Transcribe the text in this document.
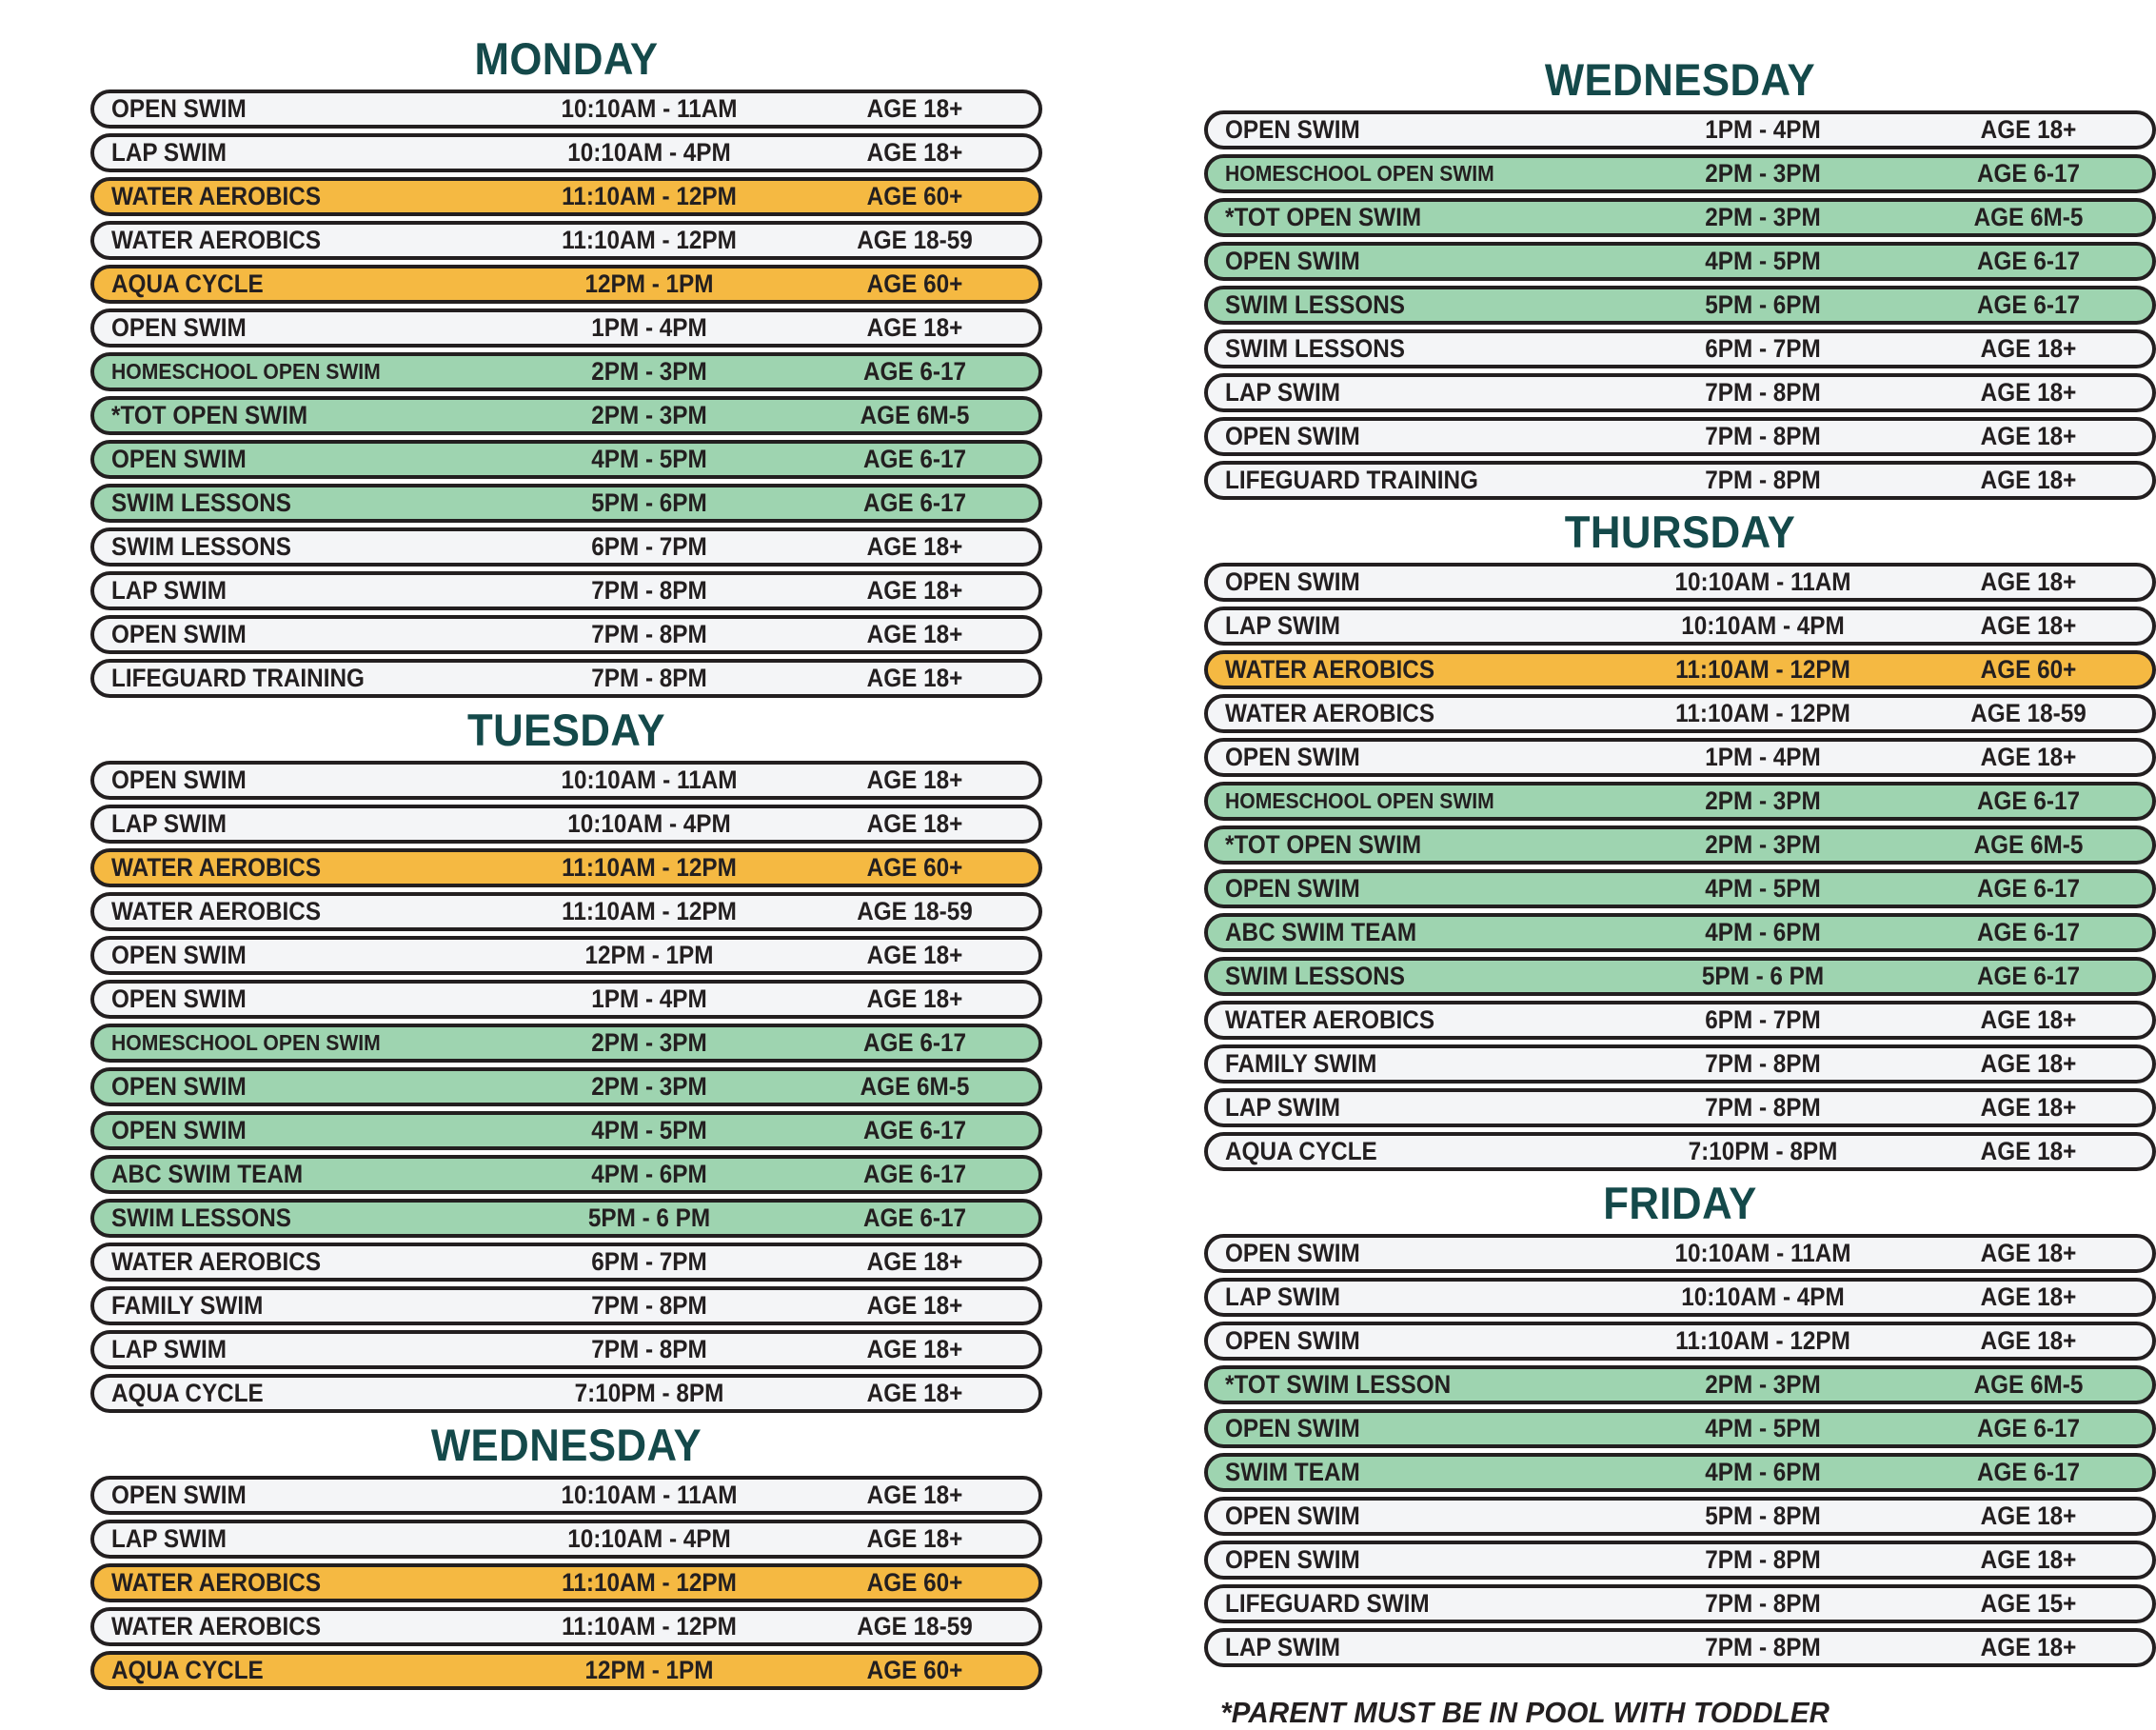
MONDAY
OPEN SWIM	10:10AM - 11AM	AGE 18+
LAP SWIM	10:10AM - 4PM	AGE 18+
WATER AEROBICS	11:10AM - 12PM	AGE 60+
WATER AEROBICS	11:10AM - 12PM	AGE 18-59
AQUA CYCLE	12PM - 1PM	AGE 60+
OPEN SWIM	1PM - 4PM	AGE 18+
HOMESCHOOL OPEN SWIM	2PM - 3PM	AGE 6-17
*TOT OPEN SWIM	2PM - 3PM	AGE 6M-5
OPEN SWIM	4PM - 5PM	AGE 6-17
SWIM LESSONS	5PM - 6PM	AGE 6-17
SWIM LESSONS	6PM - 7PM	AGE 18+
LAP SWIM	7PM - 8PM	AGE 18+
OPEN SWIM	7PM - 8PM	AGE 18+
LIFEGUARD TRAINING	7PM - 8PM	AGE 18+
TUESDAY
OPEN SWIM	10:10AM - 11AM	AGE 18+
LAP SWIM	10:10AM - 4PM	AGE 18+
WATER AEROBICS	11:10AM - 12PM	AGE 60+
WATER AEROBICS	11:10AM - 12PM	AGE 18-59
OPEN SWIM	12PM - 1PM	AGE 18+
OPEN SWIM	1PM - 4PM	AGE 18+
HOMESCHOOL OPEN SWIM	2PM - 3PM	AGE 6-17
OPEN SWIM	2PM - 3PM	AGE 6M-5
OPEN SWIM	4PM - 5PM	AGE 6-17
ABC SWIM TEAM	4PM - 6PM	AGE 6-17
SWIM LESSONS	5PM - 6 PM	AGE 6-17
WATER AEROBICS	6PM - 7PM	AGE 18+
FAMILY SWIM	7PM - 8PM	AGE 18+
LAP SWIM	7PM - 8PM	AGE 18+
AQUA CYCLE	7:10PM - 8PM	AGE 18+
WEDNESDAY
OPEN SWIM	10:10AM - 11AM	AGE 18+
LAP SWIM	10:10AM - 4PM	AGE 18+
WATER AEROBICS	11:10AM - 12PM	AGE 60+
WATER AEROBICS	11:10AM - 12PM	AGE 18-59
AQUA CYCLE	12PM - 1PM	AGE 60+
WEDNESDAY
OPEN SWIM	1PM - 4PM	AGE 18+
HOMESCHOOL OPEN SWIM	2PM - 3PM	AGE 6-17
*TOT OPEN SWIM	2PM - 3PM	AGE 6M-5
OPEN SWIM	4PM - 5PM	AGE 6-17
SWIM LESSONS	5PM - 6PM	AGE 6-17
SWIM LESSONS	6PM - 7PM	AGE 18+
LAP SWIM	7PM - 8PM	AGE 18+
OPEN SWIM	7PM - 8PM	AGE 18+
LIFEGUARD TRAINING	7PM - 8PM	AGE 18+
THURSDAY
OPEN SWIM	10:10AM - 11AM	AGE 18+
LAP SWIM	10:10AM - 4PM	AGE 18+
WATER AEROBICS	11:10AM - 12PM	AGE 60+
WATER AEROBICS	11:10AM - 12PM	AGE 18-59
OPEN SWIM	1PM - 4PM	AGE 18+
HOMESCHOOL OPEN SWIM	2PM - 3PM	AGE 6-17
*TOT OPEN SWIM	2PM - 3PM	AGE 6M-5
OPEN SWIM	4PM - 5PM	AGE 6-17
ABC SWIM TEAM	4PM - 6PM	AGE 6-17
SWIM LESSONS	5PM - 6 PM	AGE 6-17
WATER AEROBICS	6PM - 7PM	AGE 18+
FAMILY SWIM	7PM - 8PM	AGE 18+
LAP SWIM	7PM - 8PM	AGE 18+
AQUA CYCLE	7:10PM - 8PM	AGE 18+
FRIDAY
OPEN SWIM	10:10AM - 11AM	AGE 18+
LAP SWIM	10:10AM - 4PM	AGE 18+
OPEN SWIM	11:10AM - 12PM	AGE 18+
*TOT SWIM LESSON	2PM - 3PM	AGE 6M-5
OPEN SWIM	4PM - 5PM	AGE 6-17
SWIM TEAM	4PM - 6PM	AGE 6-17
OPEN SWIM	5PM - 8PM	AGE 18+
OPEN SWIM	7PM - 8PM	AGE 18+
LIFEGUARD SWIM	7PM - 8PM	AGE 15+
LAP SWIM	7PM - 8PM	AGE 18+
*PARENT MUST BE IN POOL WITH TODDLER
